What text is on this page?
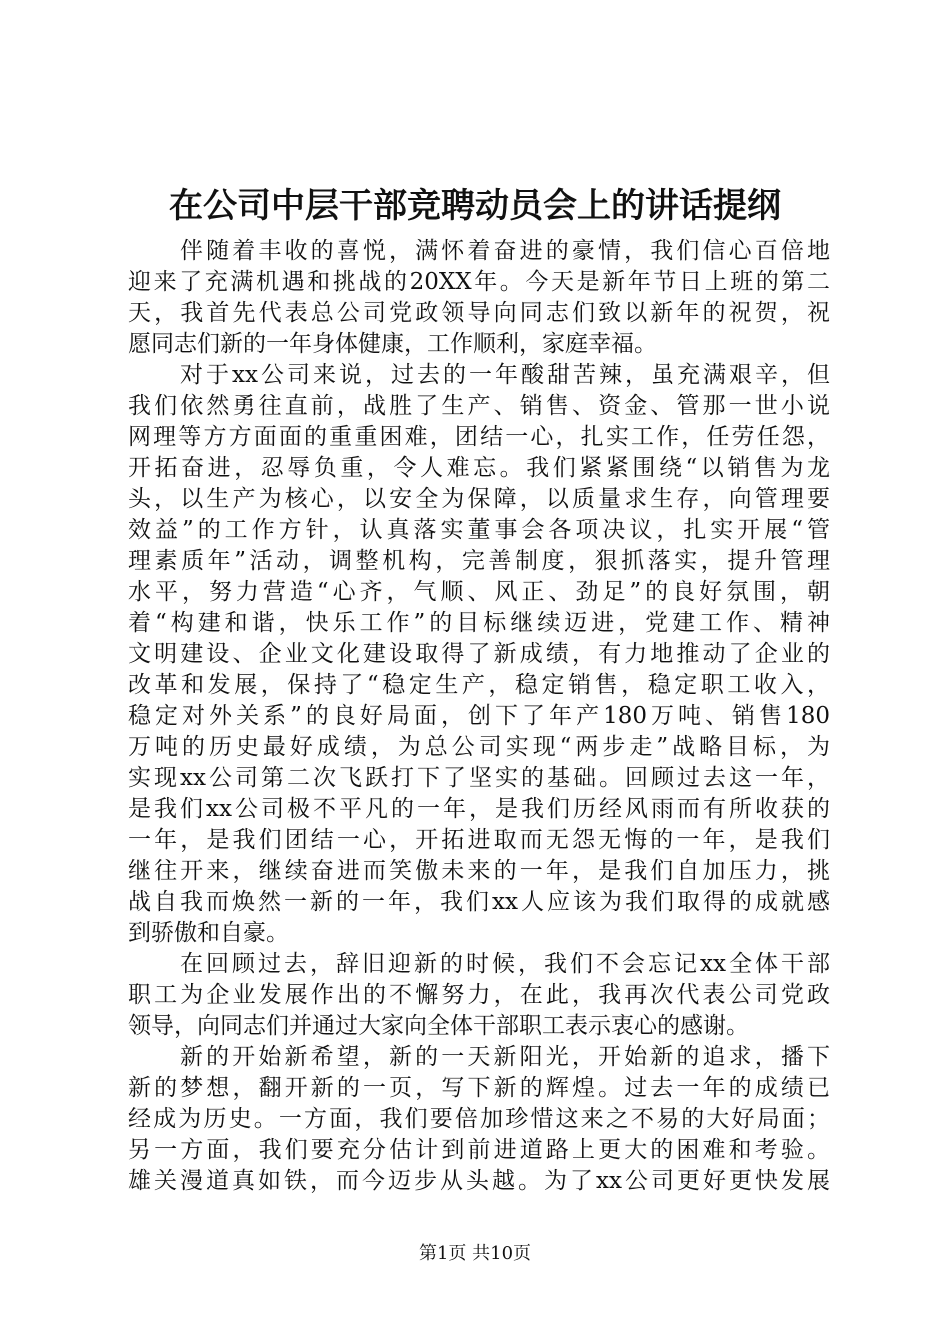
在公司中层干部竞聘动员会上的讲话提纲
伴随着丰收的喜悦，满怀着奋进的豪情，我们信心百倍地
迎来了充满机遇和挑战的20XX年。今天是新年节日上班的第二
天，我首先代表总公司党政领导向同志们致以新年的祝贺，祝
愿同志们新的一年身体健康，工作顺利，家庭幸福。
对于xx公司来说，过去的一年酸甜苦辣，虽充满艰辛，但
我们依然勇往直前，战胜了生产、销售、资金、管那一世小说
网理等方方面面的重重困难，团结一心，扎实工作，任劳任怨，
开拓奋进，忍辱负重，令人难忘。我们紧紧围绕“以销售为龙
头，以生产为核心，以安全为保障，以质量求生存，向管理要
效益”的工作方针，认真落实董事会各项决议，扎实开展“管
理素质年”活动，调整机构，完善制度，狠抓落实，提升管理
水平，努力营造“心齐，气顺、风正、劲足”的良好氛围，朝
着“构建和谐，快乐工作”的目标继续迈进，党建工作、精神
文明建设、企业文化建设取得了新成绩，有力地推动了企业的
改革和发展，保持了“稳定生产，稳定销售，稳定职工收入，
稳定对外关系”的良好局面，创下了年产180万吨、销售180
万吨的历史最好成绩，为总公司实现“两步走”战略目标，为
实现xx公司第二次飞跃打下了坚实的基础。回顾过去这一年，
是我们xx公司极不平凡的一年，是我们历经风雨而有所收获的
一年，是我们团结一心，开拓进取而无怨无悔的一年，是我们
继往开来，继续奋进而笑傲未来的一年，是我们自加压力，挑
战自我而焕然一新的一年，我们xx人应该为我们取得的成就感
到骄傲和自豪。
在回顾过去，辞旧迎新的时候，我们不会忘记xx全体干部
职工为企业发展作出的不懈努力，在此，我再次代表公司党政
领导，向同志们并通过大家向全体干部职工表示衷心的感谢。
新的开始新希望，新的一天新阳光，开始新的追求，播下
新的梦想，翻开新的一页，写下新的辉煌。过去一年的成绩已
经成为历史。一方面，我们要倍加珍惜这来之不易的大好局面；
另一方面，我们要充分估计到前进道路上更大的困难和考验。
雄关漫道真如铁，而今迈步从头越。为了xx公司更好更快发展
第1页 共10页
